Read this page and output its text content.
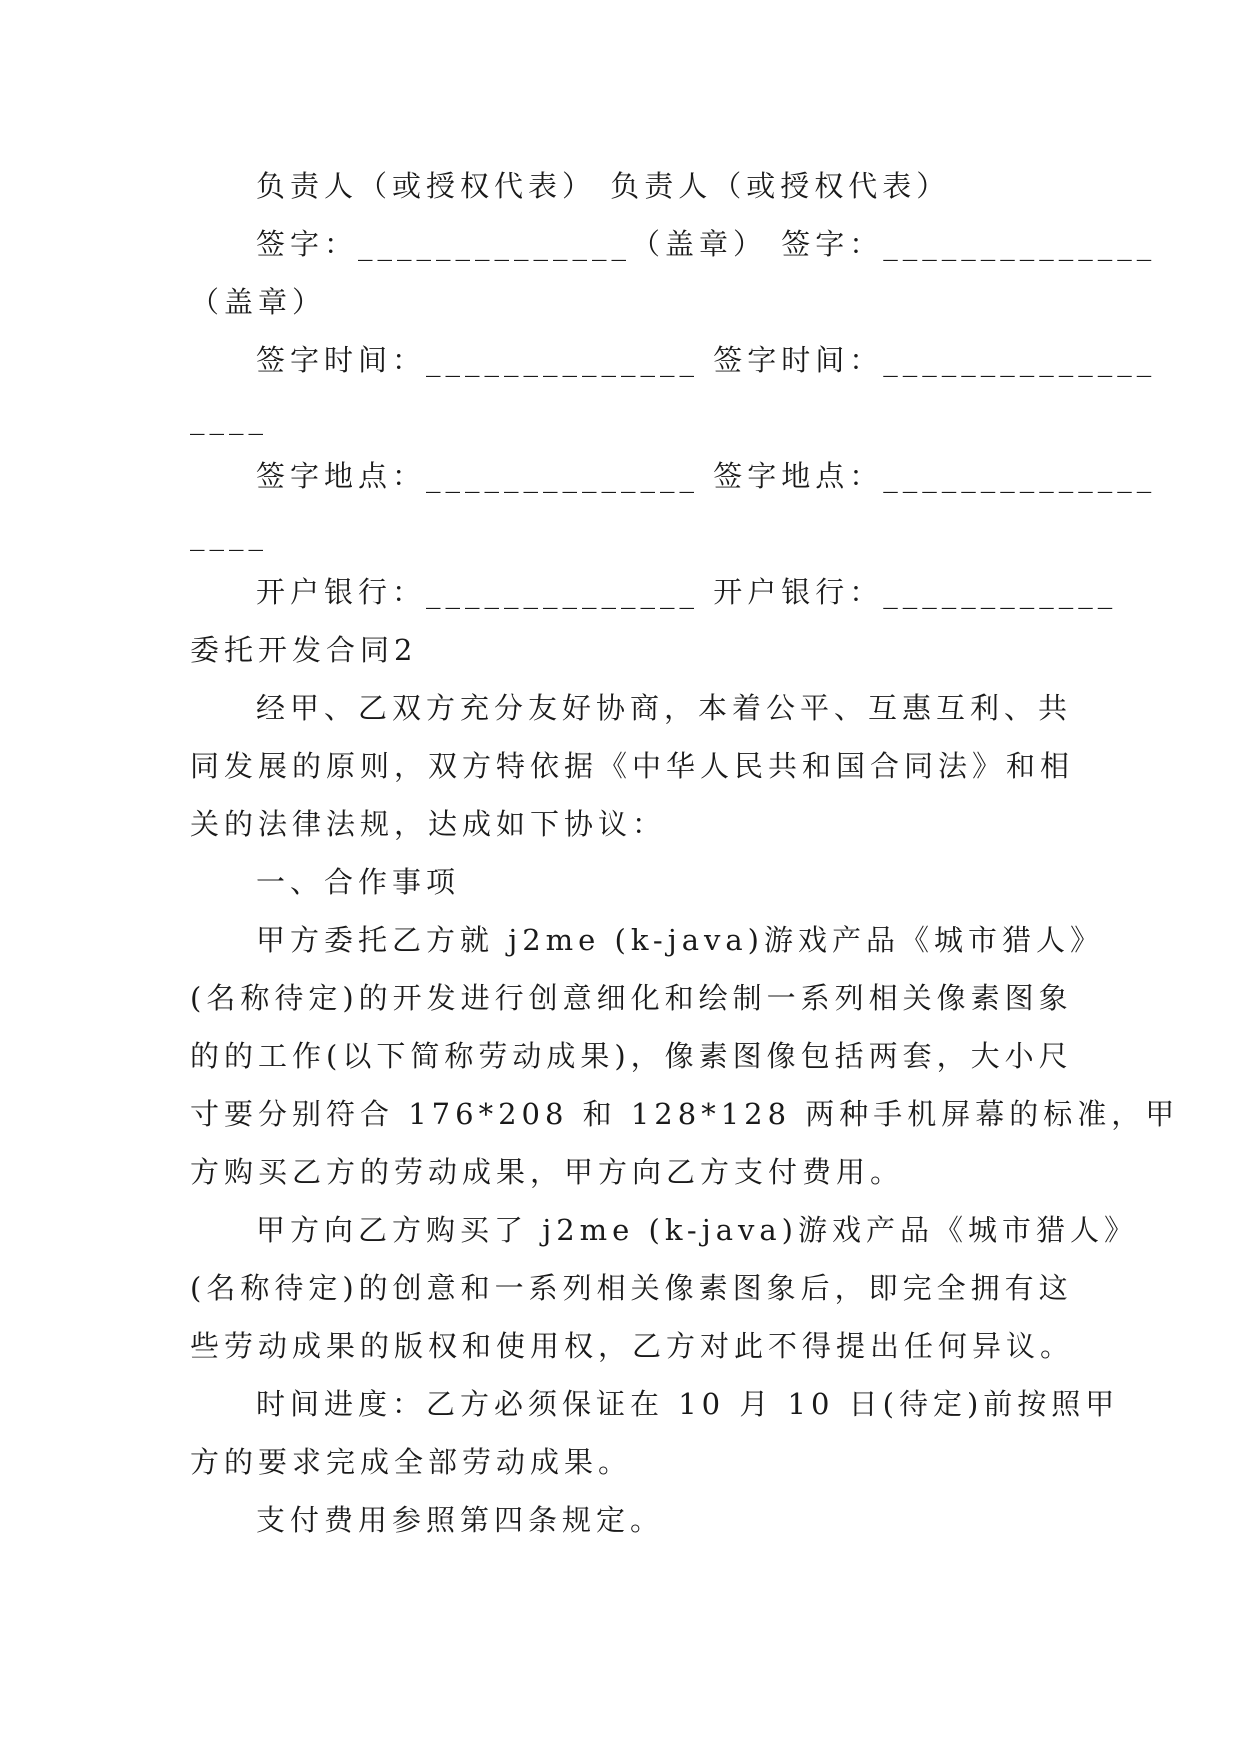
负责人（或授权代表） 负责人（或授权代表）
签字：______________（盖章） 签字：______________
（盖章）
签字时间：______________ 签字时间：______________
____
签字地点：______________ 签字地点：______________
____
开户银行：______________ 开户银行：____________
委托开发合同2
经甲、乙双方充分友好协商，本着公平、互惠互利、共
同发展的原则，双方特依据《中华人民共和国合同法》和相
关的法律法规，达成如下协议：
一、合作事项
甲方委托乙方就 j2me (k-java)游戏产品《城市猎人》
(名称待定)的开发进行创意细化和绘制一系列相关像素图象
的的工作(以下简称劳动成果)，像素图像包括两套，大小尺
寸要分别符合 176*208 和 128*128 两种手机屏幕的标准，甲
方购买乙方的劳动成果，甲方向乙方支付费用。
甲方向乙方购买了 j2me (k-java)游戏产品《城市猎人》
(名称待定)的创意和一系列相关像素图象后，即完全拥有这
些劳动成果的版权和使用权，乙方对此不得提出任何异议。
时间进度：乙方必须保证在 10 月 10 日(待定)前按照甲
方的要求完成全部劳动成果。
支付费用参照第四条规定。
